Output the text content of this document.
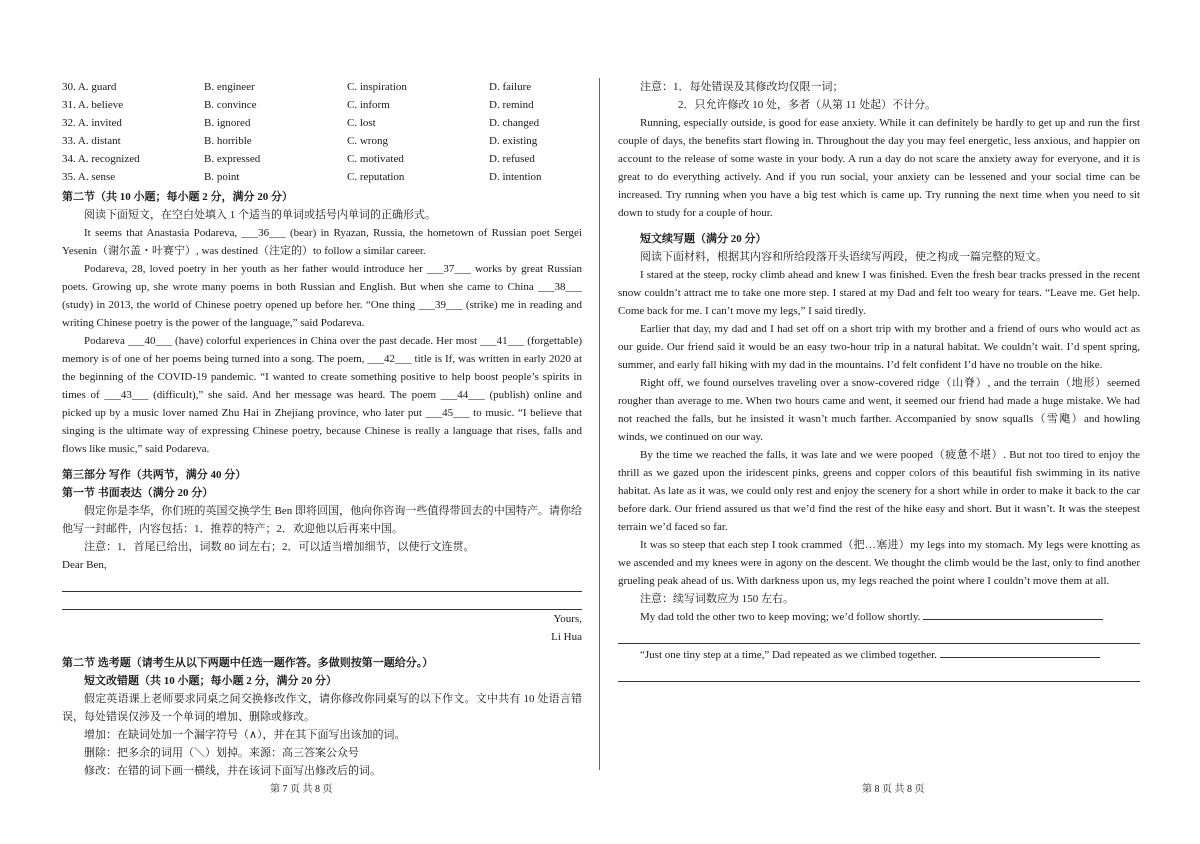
30. A. guard	B. engineer	C. inspiration	D. failure
31. A. believe	B. convince	C. inform	D. remind
32. A. invited	B. ignored	C. lost	D. changed
33. A. distant	B. horrible	C. wrong	D. existing
34. A. recognized	B. expressed	C. motivated	D. refused
35. A. sense	B. point	C. reputation	D. intention

第二节（共 10 小题；每小题 2 分，满分 20 分）

阅读下面短文，在空白处填入 1 个适当的单词或括号内单词的正确形式。

It seems that Anastasia Podareva, ___36___ (bear) in Ryazan, Russia, the hometown of Russian poet Sergei Yesenin（谢尔盖・叶赛宁）, was destined（注定的）to follow a similar career.

Podareva, 28, loved poetry in her youth as her father would introduce her ___37___ works by great Russian poets. Growing up, she wrote many poems in both Russian and English. But when she came to China ___38___ (study) in 2013, the world of Chinese poetry opened up before her. “One thing ___39___ (strike) me in reading and writing Chinese poetry is the power of the language,” said Podareva.

Podareva ___40___ (have) colorful experiences in China over the past decade. Her most ___41___ (forgettable) memory is of one of her poems being turned into a song. The poem, ___42___ title is If, was written in early 2020 at the beginning of the COVID-19 pandemic. “I wanted to create something positive to help boost people’s spirits in times of ___43___ (difficult),” she said. And her message was heard. The poem ___44___ (publish) online and picked up by a music lover named Zhu Hai in Zhejiang province, who later put ___45___ to music. “I believe that singing is the ultimate way of expressing Chinese poetry, because Chinese is really a language that rises, falls and flows like music,” said Podareva.

第三部分 写作（共两节，满分 40 分）

第一节 书面表达（满分 20 分）

假定你是李华，你们班的英国交换学生 Ben 即将回国，他向你咨询一些值得带回去的中国特产。请你给他写一封邮件，内容包括：1．推荐的特产；2．欢迎他以后再来中国。

注意：1．首尾已给出，词数 80 词左右；2．可以适当增加细节，以使行文连贯。

Dear Ben,

Yours,

Li Hua

第二节 选考题（请考生从以下两题中任选一题作答。多做则按第一题给分。）

短文改错题（共 10 小题；每小题 2 分，满分 20 分）

假定英语课上老师要求同桌之间交换修改作文，请你修改你同桌写的以下作文。文中共有 10 处语言错误，每处错误仅涉及一个单词的增加、删除或修改。

增加：在缺词处加一个漏字符号（∧），并在其下面写出该加的词。

删除：把多余的词用（＼）划掉。来源：高三答案公众号

修改：在错的词下画一横线，并在该词下面写出修改后的词。

注意：1．每处错误及其修改均仅限一词；

2．只允许修改 10 处，多者（从第 11 处起）不计分。

Running, especially outside, is good for ease anxiety. While it can definitely be hardly to get up and run the first couple of days, the benefits start flowing in. Throughout the day you may feel energetic, less anxious, and happier on account to the release of some waste in your body. A run a day do not scare the anxiety away for everyone, and it is great to do everything actively. And if you run social, your anxiety can be lessened and your social time can be increased. Try running when you have a big test which is came up. Try running the next time when you need to sit down to study for a couple of hour.

短文续写题（满分 20 分）

阅读下面材料，根据其内容和所给段落开头语续写两段，使之构成一篇完整的短文。

I stared at the steep, rocky climb ahead and knew I was finished. Even the fresh bear tracks pressed in the recent snow couldn’t attract me to take one more step. I stared at my Dad and felt too weary for tears. “Leave me. Get help. Come back for me. I can’t move my legs,” I said tiredly.

Earlier that day, my dad and I had set off on a short trip with my brother and a friend of ours who would act as our guide. Our friend said it would be an easy two-hour trip in a natural habitat. We couldn’t wait. I’d spent spring, summer, and early fall hiking with my dad in the mountains. I’d felt confident I’d have no trouble on the hike.

Right off, we found ourselves traveling over a snow-covered ridge（山脊）, and the terrain（地形）seemed rougher than average to me. When two hours came and went, it seemed our friend had made a huge mistake. We had not reached the falls, but he insisted it wasn’t much farther. Accompanied by snow squalls（雪飑）and howling winds, we continued on our way.

By the time we reached the falls, it was late and we were pooped（疲惫不堪）. But not too tired to enjoy the thrill as we gazed upon the iridescent pinks, greens and copper colors of this beautiful fish swimming in its native habitat. As late as it was, we could only rest and enjoy the scenery for a short while in order to make it back to the car before dark. Our friend assured us that we’d find the rest of the hike easy and short. But it wasn’t. It was the steepest terrain we’d faced so far.

It was so steep that each step I took crammed（把…塞进）my legs into my stomach. My legs were knotting as we ascended and my knees were in agony on the descent. We thought the climb would be the last, only to find another grueling peak ahead of us. With darkness upon us, my legs reached the point where I couldn’t move them at all.

注意：续写词数应为 150 左右。

My dad told the other two to keep moving; we’d follow shortly.

“Just one tiny step at a time,” Dad repeated as we climbed together.

第 7 页 共 8 页	第 8 页 共 8 页
